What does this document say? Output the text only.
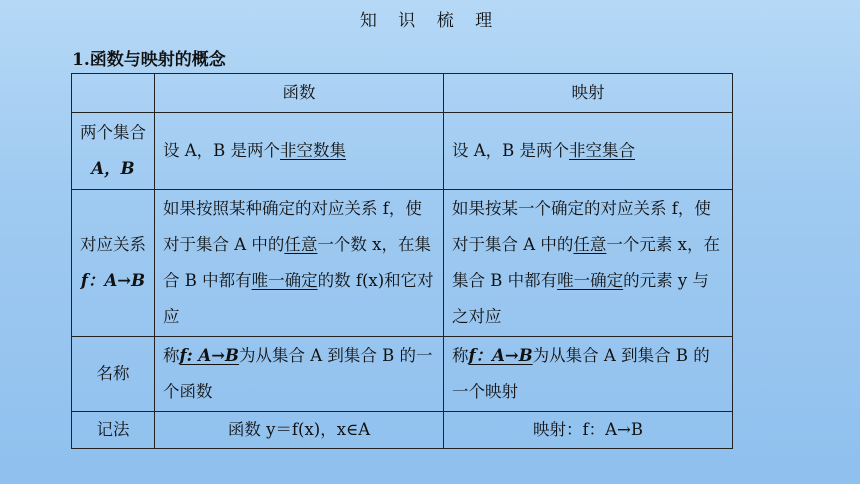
知 识 梳 理
1.函数与映射的概念
	函数	映射

两个集合
A，B	设 A，B 是两个非空数集	设 A，B 是两个非空集合

对应关系
f：A→B	如果按照某种确定的对应关系 f，使对于集合 A 中的任意一个数 x，在集合 B 中都有唯一确定的数 f(x)和它对应	如果按某一个确定的对应关系 f，使对于集合 A 中的任意一个元素 x，在集合 B 中都有唯一确定的元素 y 与之对应
名称	称f: A→B为从集合 A 到集合 B 的一个函数	称f：A→B为从集合 A 到集合 B 的一个映射
记法	函数 y＝f(x)，x∈A	映射：f：A→B
